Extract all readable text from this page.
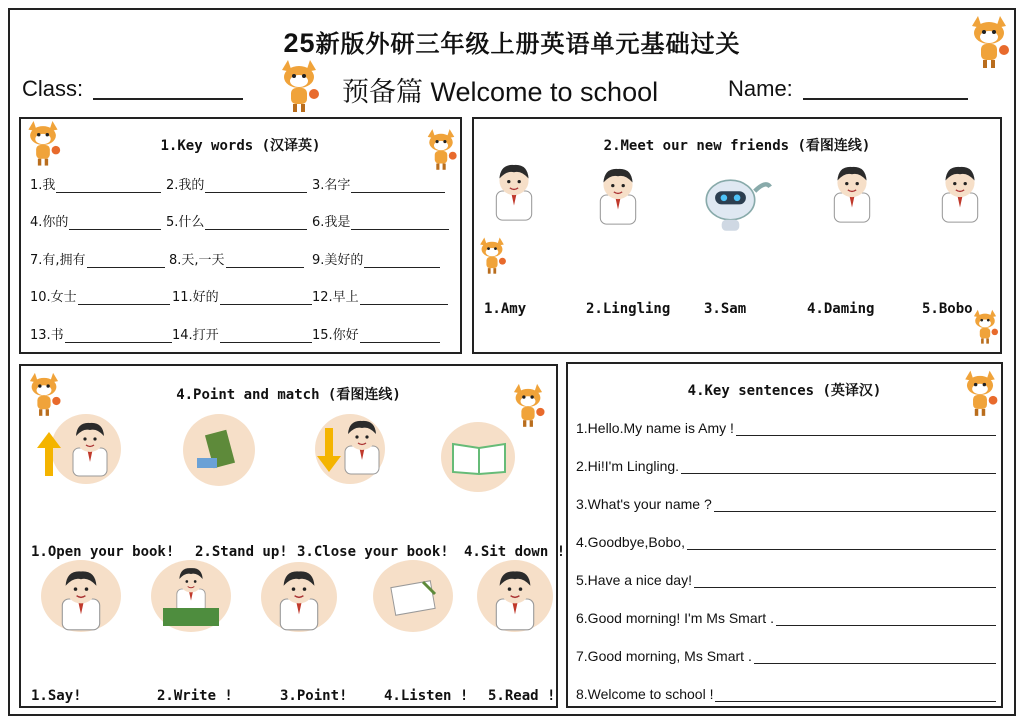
25新版外研三年级上册英语单元基础过关
Class:	预备篇 Welcome to school	Name:
1.Key words (汉译英)
1.我	2.我的	3.名字
4.你的	5.什么	6.我是
7.有,拥有	8.天,一天	9.美好的
10.女士	11.好的	12.早上
13.书	14.打开	15.你好
2.Meet our new friends (看图连线)
1.Amy	2.Lingling 3.Sam	4.Daming	5.Bobo
4.Point and match (看图连线)
1.Open your book! 2.Stand up! 3.Close your book! 4.Sit down !
1.Say!	2.Write !	3.Point!	4.Listen ! 5.Read !
4.Key sentences (英译汉)
1.Hello.My name is Amy !
2.Hi!I'm Lingling.
3.What's your name ?
4.Goodbye,Bobo,
5.Have a nice day!
6.Good morning! I'm Ms Smart .
7.Good morning, Ms Smart .
8.Welcome to school !
